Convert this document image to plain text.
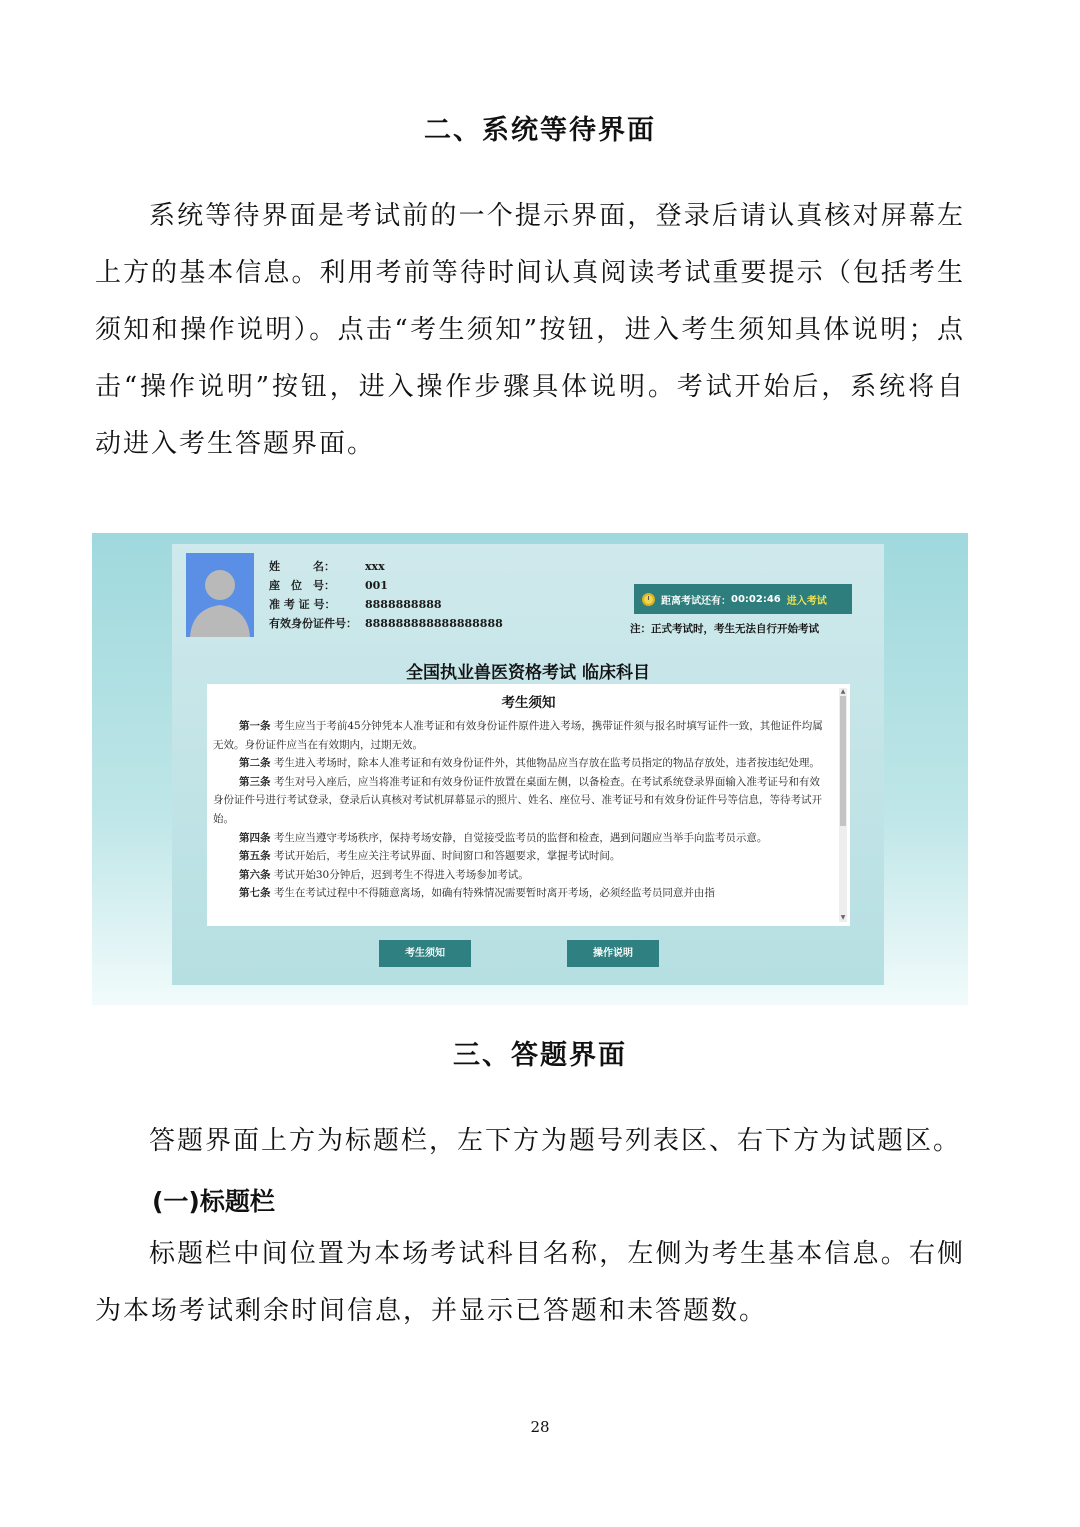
二、系统等待界面

系统等待界面是考试前的一个提示界面，登录后请认真核对屏幕左上方的基本信息。利用考前等待时间认真阅读考试重要提示（包括考生须知和操作说明）。点击“考生须知”按钮，进入考生须知具体说明；点击“操作说明”按钮，进入操作步骤具体说明。考试开始后，系统将自动进入考生答题界面。

姓　　　名：	xxx
座　位　号：	001
准 考 证 号：	8888888888
有效身份证件号： 888888888888888888
距离考试还有： 00:02:46 进入考试
注：正式考试时，考生无法自行开始考试
全国执业兽医资格考试 临床科目
考生须知

第一条 考生应当于考前45分钟凭本人准考证和有效身份证件原件进入考场，携带证件须与报名时填写证件一致，其他证件均属无效。身份证件应当在有效期内，过期无效。

第二条 考生进入考场时，除本人准考证和有效身份证件外，其他物品应当存放在监考员指定的物品存放处，违者按违纪处理。

第三条 考生对号入座后，应当将准考证和有效身份证件放置在桌面左侧，以备检查。在考试系统登录界面输入准考证号和有效身份证件号进行考试登录，登录后认真核对考试机屏幕显示的照片、姓名、座位号、准考证号和有效身份证件号等信息，等待考试开始。

第四条 考生应当遵守考场秩序，保持考场安静，自觉接受监考员的监督和检查，遇到问题应当举手向监考员示意。

第五条 考试开始后，考生应关注考试界面、时间窗口和答题要求，掌握考试时间。

第六条 考试开始30分钟后，迟到考生不得进入考场参加考试。

第七条 考生在考试过程中不得随意离场，如确有特殊情况需要暂时离开考场，必须经监考员同意并由指

▲
▼
考生须知	操作说明
三、答题界面

答题界面上方为标题栏，左下方为题号列表区、右下方为试题区。

(一)标题栏

标题栏中间位置为本场考试科目名称，左侧为考生基本信息。右侧为本场考试剩余时间信息，并显示已答题和未答题数。

28
